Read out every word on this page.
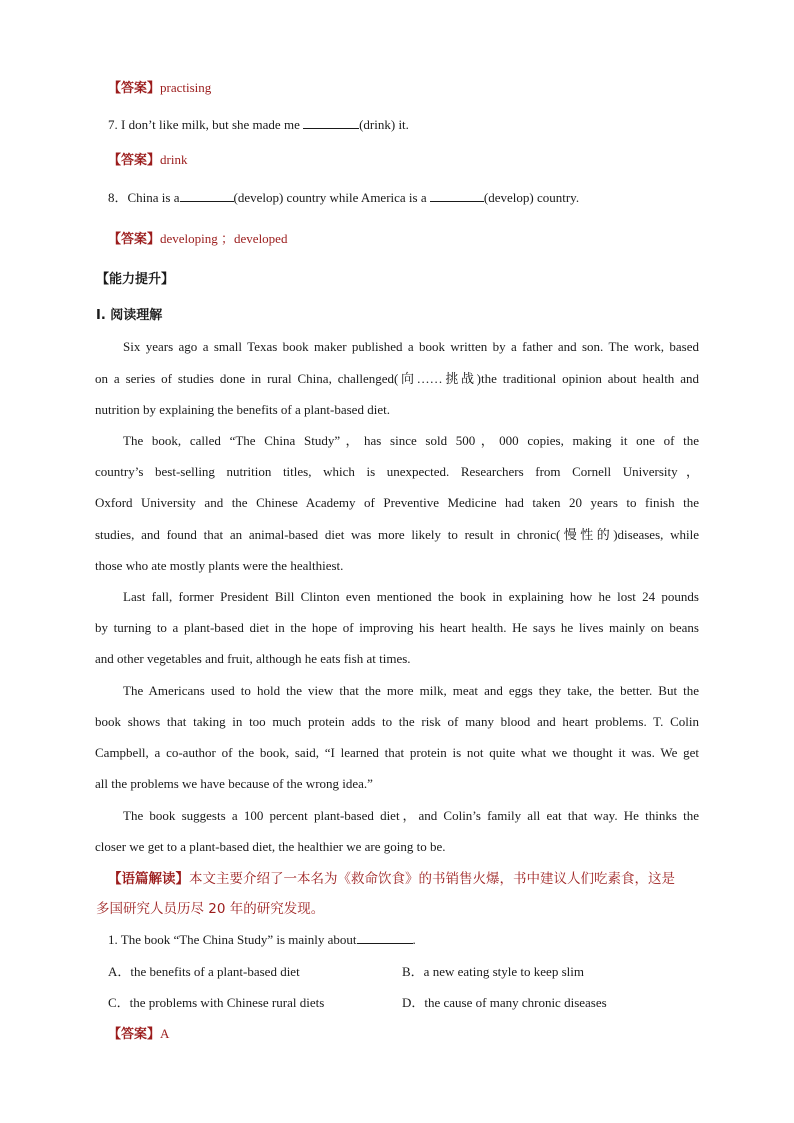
【答案】practising
7. I don’t like milk, but she made me	(drink) it.
【答案】drink
8．China is a	(develop) country while America is a	(develop) country.
【答案】developing ；developed
【能力提升】
Ⅰ. 阅读理解
Six years ago a small Texas book maker published a book written by a father and son. The work, based
on a series of studies done in rural China, challenged(向……挑战)the traditional opinion about health and
nutrition by explaining the benefits of a plant-based diet.
The book, called “The China Study”，has since sold 500，000 copies, making it one of the
country’s best-selling nutrition titles, which is unexpected. Researchers from Cornell University，
Oxford University and the Chinese Academy of Preventive Medicine had taken 20 years to finish the
studies, and found that an animal-based diet was more likely to result in chronic(慢性的)diseases, while
those who ate mostly plants were the healthiest.
Last fall, former President Bill Clinton even mentioned the book in explaining how he lost 24 pounds
by turning to a plant-based diet in the hope of improving his heart health. He says he lives mainly on beans
and other vegetables and fruit, although he eats fish at times.
The Americans used to hold the view that the more milk, meat and eggs they take, the better. But the
book shows that taking in too much protein adds to the risk of many blood and heart problems. T. Colin
Campbell, a co-author of the book, said, “I learned that protein is not quite what we thought it was. We get
all the problems we have because of the wrong idea.”
The book suggests a 100 percent plant-based diet，and Colin’s family all eat that way. He thinks the
closer we get to a plant-based diet, the healthier we are going to be.
【语篇解读】本文主要介绍了一本名为《救命饮食》的书销售火爆，书中建议人们吃素食，这是
多国研究人员历尽 20 年的研究发现。
1. The book “The China Study” is mainly about	.
A．the benefits of a plant-based diet	B．a new eating style to keep slim
C．the problems with Chinese rural diets	D．the cause of many chronic diseases
【答案】A
